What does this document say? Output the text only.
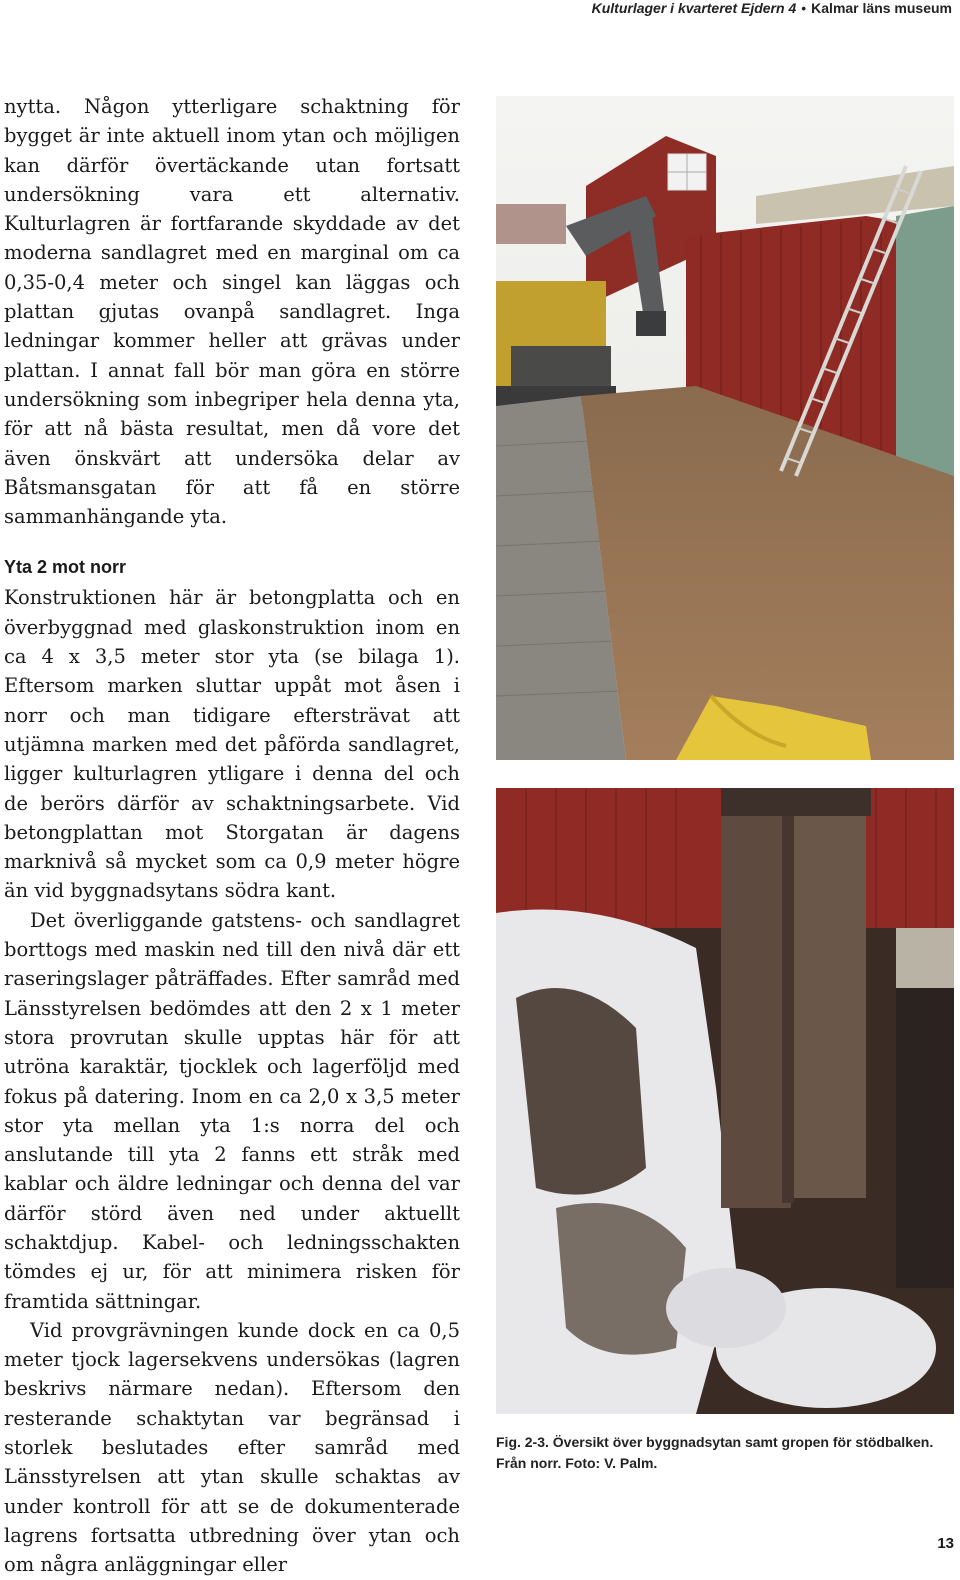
Kulturlager i kvarteret Ejdern 4 • Kalmar läns museum

nytta. Någon ytterligare schaktning för bygget är inte aktuell inom ytan och möjligen kan därför övertäckande utan fortsatt undersökning vara ett alternativ. Kulturlagren är fortfarande skyddade av det moderna sandlagret med en marginal om ca 0,35-0,4 meter och singel kan läggas och plattan gjutas ovanpå sandlagret. Inga ledningar kommer heller att grävas under plattan. I annat fall bör man göra en större undersökning som inbegriper hela denna yta, för att nå bästa resultat, men då vore det även önskvärt att undersöka delar av Båtsmansgatan för att få en större sammanhängande yta.

Yta 2 mot norr

Konstruktionen här är betongplatta och en överbyggnad med glaskonstruktion inom en ca 4 x 3,5 meter stor yta (se bilaga 1). Eftersom marken sluttar uppåt mot åsen i norr och man tidigare eftersträvat att utjämna marken med det påförda sandlagret, ligger kulturlagren ytligare i denna del och de berörs därför av schaktningsarbete. Vid betongplattan mot Storgatan är dagens marknivå så mycket som ca 0,9 meter högre än vid byggnadsytans södra kant.

Det överliggande gatstens- och sandlagret borttogs med maskin ned till den nivå där ett raseringslager påträffades. Efter samråd med Länsstyrelsen bedömdes att den 2 x 1 meter stora provrutan skulle upptas här för att utröna karaktär, tjocklek och lagerföljd med fokus på datering. Inom en ca 2,0 x 3,5 meter stor yta mellan yta 1:s norra del och anslutande till yta 2 fanns ett stråk med kablar och äldre ledningar och denna del var därför störd även ned under aktuellt schaktdjup. Kabel- och ledningsschakten tömdes ej ur, för att minimera risken för framtida sättningar.

Vid provgrävningen kunde dock en ca 0,5 meter tjock lagersekvens undersökas (lagren beskrivs närmare nedan). Eftersom den resterande schaktytan var begränsad i storlek beslutades efter samråd med Länsstyrelsen att ytan skulle schaktas av under kontroll för att se de dokumenterade lagrens fortsatta utbredning över ytan och om några anläggningar eller

Fig. 2-3. Översikt över byggnadsytan samt gropen för stödbalken. Från norr. Foto: V. Palm.
13
